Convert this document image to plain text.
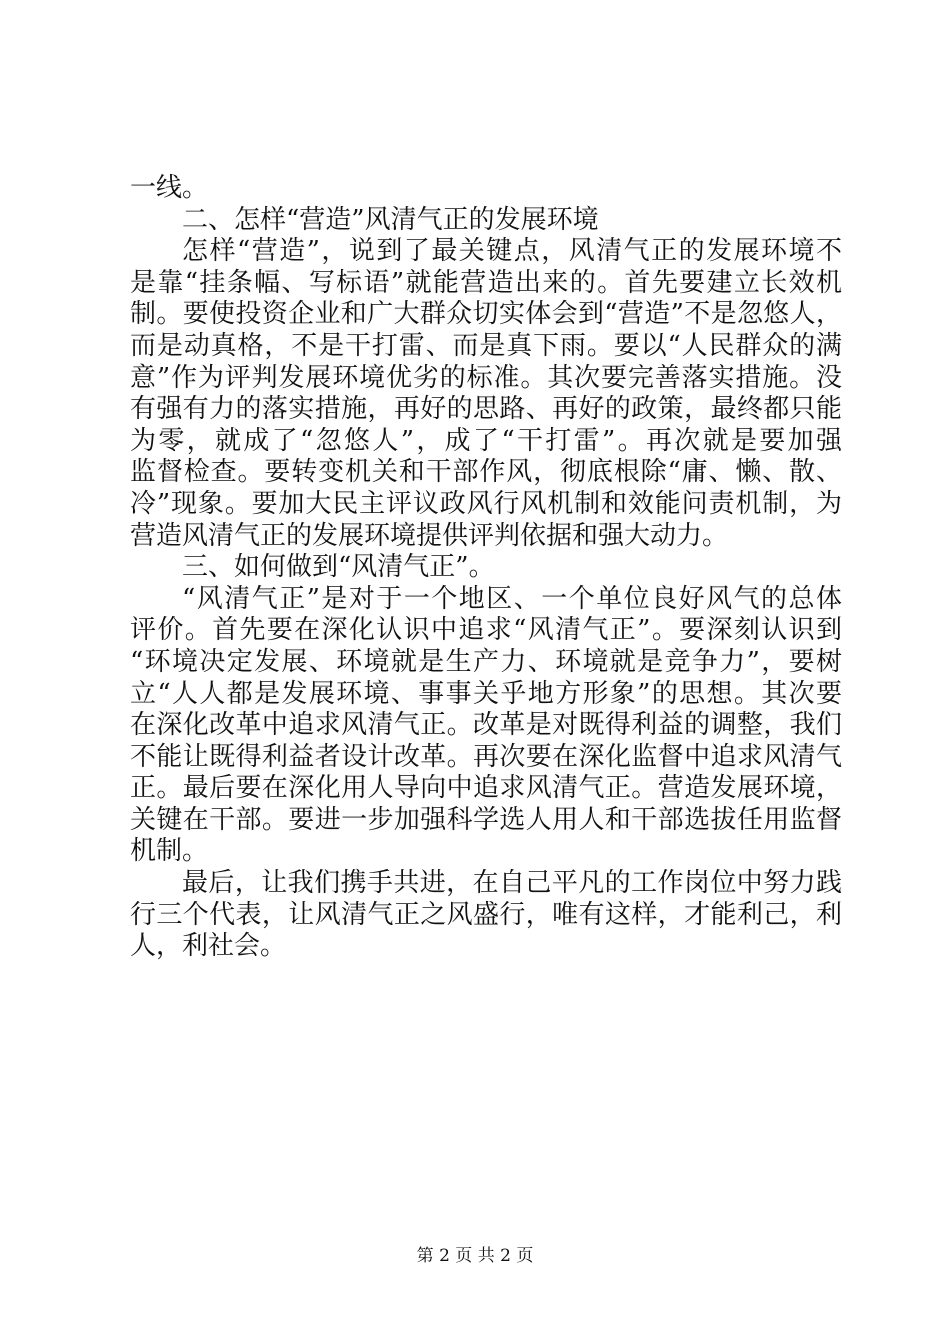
一线。
二、怎样“营造”风清气正的发展环境
怎样“营造”，说到了最关键点，风清气正的发展环境不
是靠“挂条幅、写标语”就能营造出来的。首先要建立长效机
制。要使投资企业和广大群众切实体会到“营造”不是忽悠人，
而是动真格，不是干打雷、而是真下雨。要以“人民群众的满
意”作为评判发展环境优劣的标准。其次要完善落实措施。没
有强有力的落实措施，再好的思路、再好的政策，最终都只能
为零，就成了“忽悠人”，成了“干打雷”。再次就是要加强
监督检查。要转变机关和干部作风，彻底根除“庸、懒、散、
冷”现象。要加大民主评议政风行风机制和效能问责机制，为
营造风清气正的发展环境提供评判依据和强大动力。
三、如何做到“风清气正”。
“风清气正”是对于一个地区、一个单位良好风气的总体
评价。首先要在深化认识中追求“风清气正”。要深刻认识到
“环境决定发展、环境就是生产力、环境就是竞争力”，要树
立“人人都是发展环境、事事关乎地方形象”的思想。其次要
在深化改革中追求风清气正。改革是对既得利益的调整，我们
不能让既得利益者设计改革。再次要在深化监督中追求风清气
正。最后要在深化用人导向中追求风清气正。营造发展环境，
关键在干部。要进一步加强科学选人用人和干部选拔任用监督
机制。
最后，让我们携手共进，在自己平凡的工作岗位中努力践
行三个代表，让风清气正之风盛行，唯有这样，才能利己，利
人，利社会。
第 2 页 共 2 页
